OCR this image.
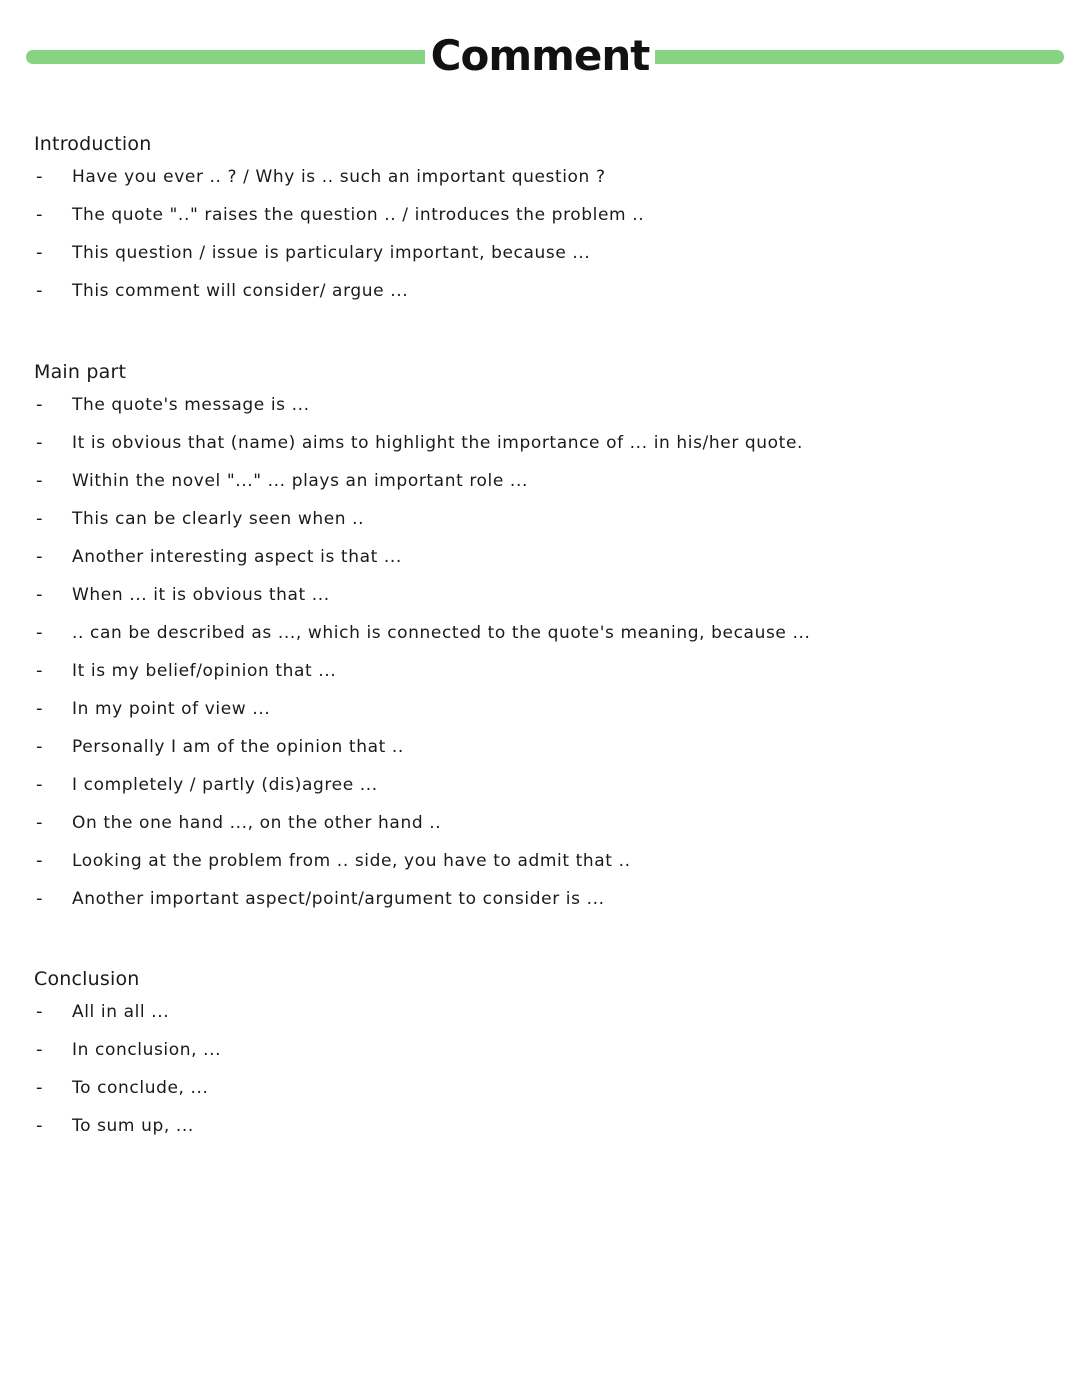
Comment
Introduction
- Have you ever .. ? / Why is .. such an important question ?
- The quote ".." raises the question .. / introduces the problem ..
- This question / issue is particulary important, because ...
- This comment will consider/ argue ...
Main part
- The quote's message is ...
- It is obvious that (name) aims to highlight the importance of ... in his/her quote.
- Within the novel "..." ... plays an important role ...
- This can be clearly seen when ..
- Another interesting aspect is that ...
- When ... it is obvious that ...
- .. can be described as ..., which is connected to the quote's meaning, because ...
- It is my belief/opinion that ...
- In my point of view ...
- Personally I am of the opinion that ..
- I completely / partly (dis)agree ...
- On the one hand ..., on the other hand ..
- Looking at the problem from .. side, you have to admit that ..
- Another important aspect/point/argument to consider is ...
Conclusion
- All in all ...
- In conclusion, ...
- To conclude, ...
- To sum up, ...
